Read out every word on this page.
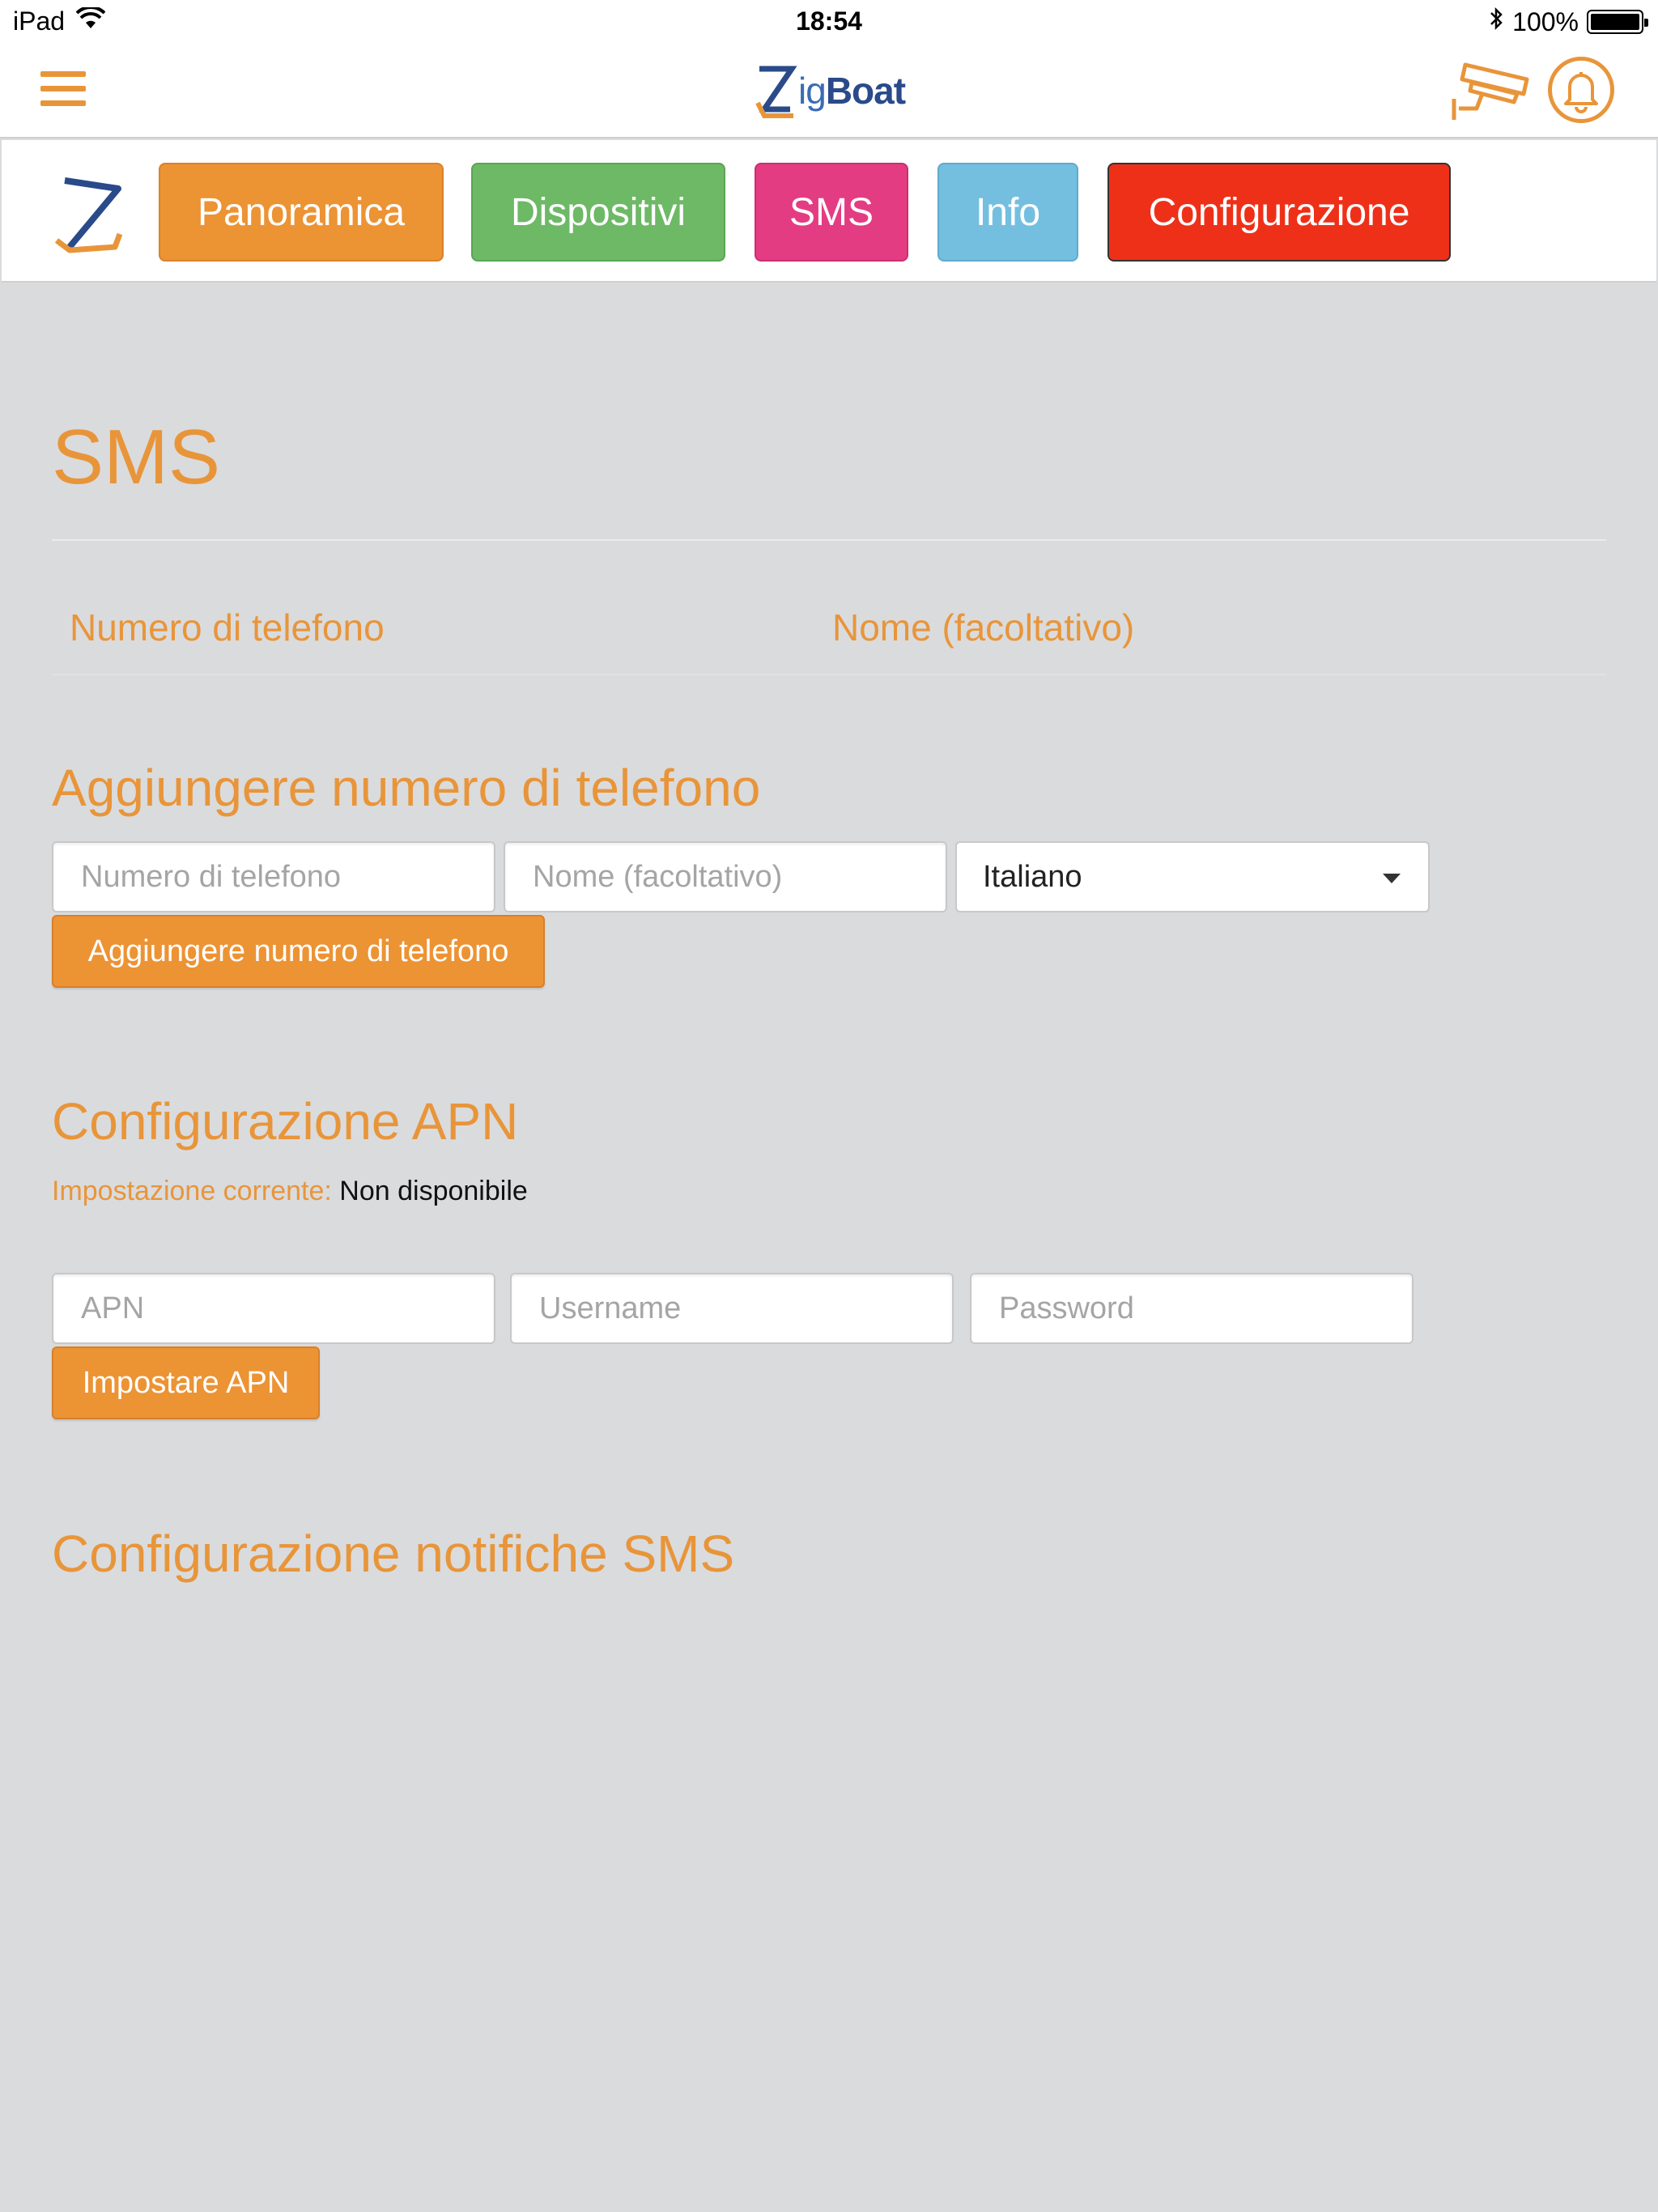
iPad	18:54	100%
igBoat
Panoramica	Dispositivi	SMS	Info	Configurazione
SMS
Numero di telefono	Nome (facoltativo)
Aggiungere numero di telefono
Numero di telefono
Nome (facoltativo)
Italiano
Aggiungere numero di telefono
Configurazione APN
Impostazione corrente: Non disponibile
APN
Username
Impostare APN
Configurazione notifiche SMS
